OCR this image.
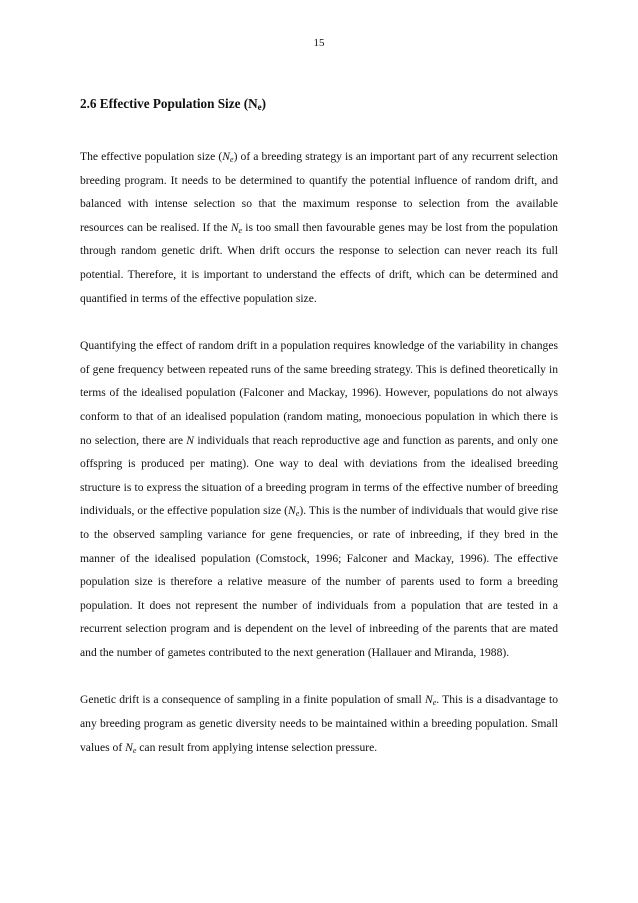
15
2.6 Effective Population Size $(N_e)$

The effective population size $(N_e)$ of a breeding strategy is an important part of any recurrent selection breeding program. It needs to be determined to quantify the potential influence of random drift, and balanced with intense selection so that the maximum response to selection from the available resources can be realised. If the $N_e$ is too small then favourable genes may be lost from the population through random genetic drift. When drift occurs the response to selection can never reach its full potential. Therefore, it is important to understand the effects of drift, which can be determined and quantified in terms of the effective population size.

Quantifying the effect of random drift in a population requires knowledge of the variability in changes of gene frequency between repeated runs of the same breeding strategy. This is defined theoretically in terms of the idealised population (Falconer and Mackay, 1996). However, populations do not always conform to that of an idealised population (random mating, monoecious population in which there is no selection, there are N individuals that reach reproductive age and function as parents, and only one offspring is produced per mating). One way to deal with deviations from the idealised breeding structure is to express the situation of a breeding program in terms of the effective number of breeding individuals, or the effective population size $(N_e)$. This is the number of individuals that would give rise to the observed sampling variance for gene frequencies, or rate of inbreeding, if they bred in the manner of the idealised population (Comstock, 1996; Falconer and Mackay, 1996). The effective population size is therefore a relative measure of the number of parents used to form a breeding population. It does not represent the number of individuals from a population that are tested in a recurrent selection program and is dependent on the level of inbreeding of the parents that are mated and the number of gametes contributed to the next generation (Hallauer and Miranda, 1988).

Genetic drift is a consequence of sampling in a finite population of small $N_e$. This is a disadvantage to any breeding program as genetic diversity needs to be maintained within a breeding population. Small values of $N_e$ can result from applying intense selection pressure.
